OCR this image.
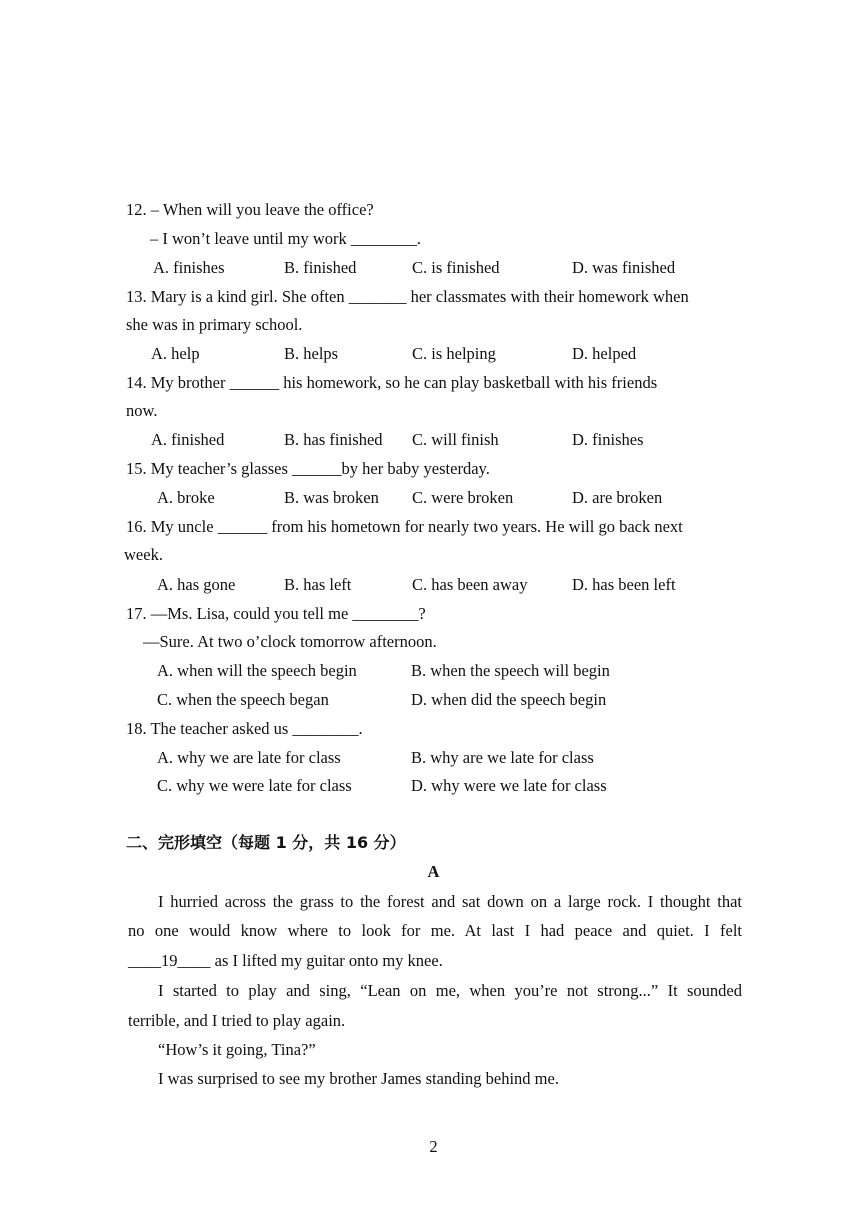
12. – When will you leave the office?
– I won’t leave until my work ________.
A. finishes	B. finished	C. is finished	D. was finished
13. Mary is a kind girl. She often _______ her classmates with their homework when
she was in primary school.
A. help	B. helps	C. is helping	D. helped
14. My brother ______ his homework, so he can play basketball with his friends
now.
A. finished	B. has finished C. will finish	D. finishes
15. My teacher’s glasses ______by her baby yesterday.
A. broke	B. was broken C. were broken	D. are broken
16. My uncle ______ from his hometown for nearly two years. He will go back next
week.
A. has gone	B. has left	C. has been away	D. has been left
17. —Ms. Lisa, could you tell me ________?
—Sure. At two o’clock tomorrow afternoon.
A. when will the speech begin	B. when the speech will begin
C. when the speech began	D. when did the speech begin
18. The teacher asked us ________.
A. why we are late for class	B. why are we late for class
C. why we were late for class	D. why were we late for class
二、完形填空（每题 1 分，共 16 分）
A
I hurried across the grass to the forest and sat down on a large rock. I thought that
no one would know where to look for me. At last I had peace and quiet. I felt
____19____ as I lifted my guitar onto my knee.
I started to play and sing, “Lean on me, when you’re not strong...” It sounded
terrible, and I tried to play again.
“How’s it going, Tina?”
I was surprised to see my brother James standing behind me.
2
